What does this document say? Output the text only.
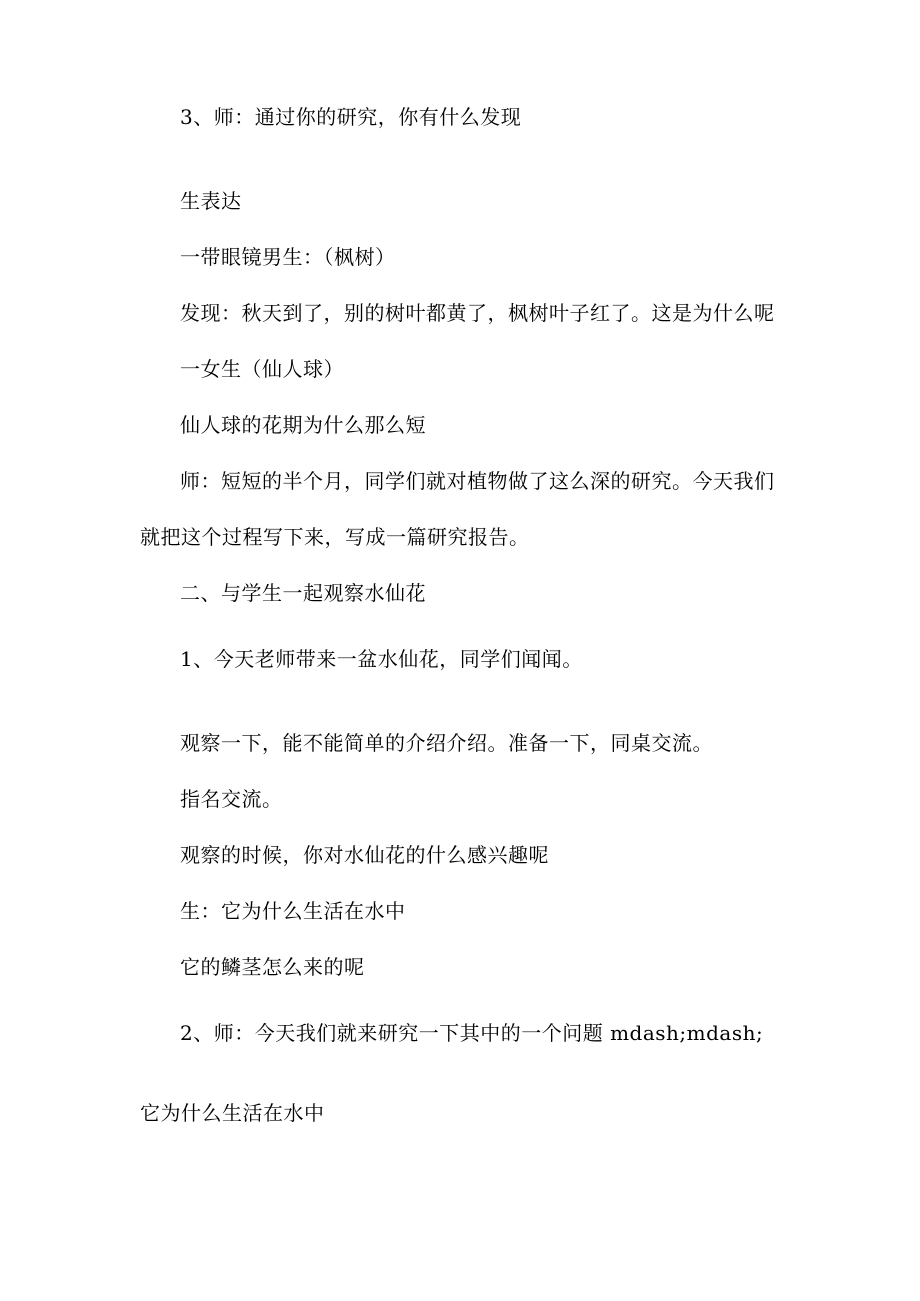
3、师：通过你的研究，你有什么发现

生表达

一带眼镜男生：（枫树）

发现：秋天到了，别的树叶都黄了，枫树叶子红了。这是为什么呢

一女生（仙人球）

仙人球的花期为什么那么短

师：短短的半个月，同学们就对植物做了这么深的研究。今天我们

就把这个过程写下来，写成一篇研究报告。

二、与学生一起观察水仙花

1、今天老师带来一盆水仙花，同学们闻闻。

观察一下，能不能简单的介绍介绍。准备一下，同桌交流。

指名交流。

观察的时候，你对水仙花的什么感兴趣呢

生：它为什么生活在水中

它的鳞茎怎么来的呢

2、师：今天我们就来研究一下其中的一个问题 mdash;mdash;

它为什么生活在水中
